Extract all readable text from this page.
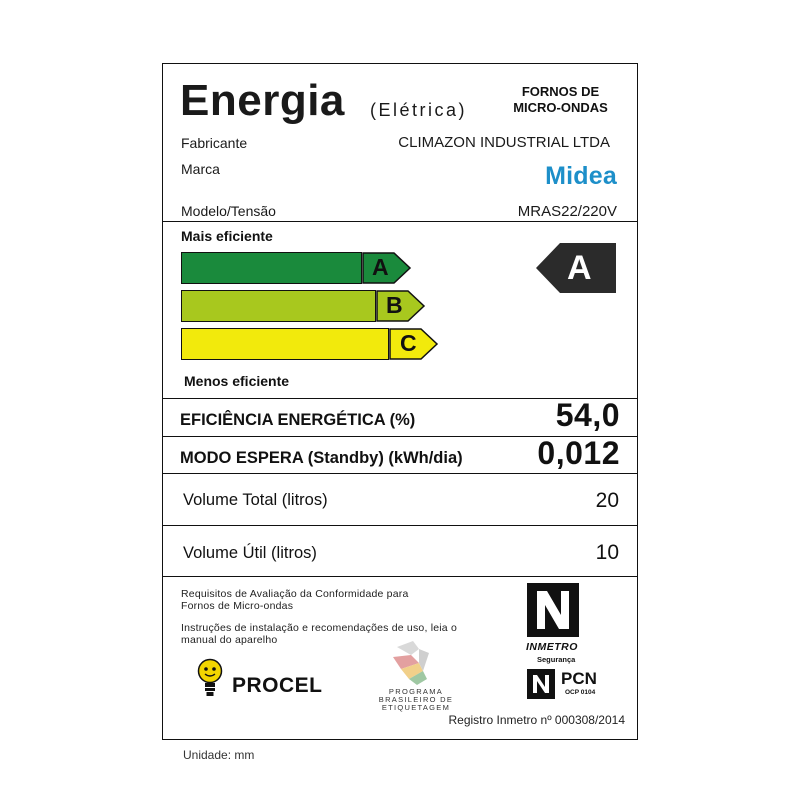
Energia (Elétrica)
FORNOS DE
MICRO-ONDAS
Fabricante	CLIMAZON INDUSTRIAL LTDA
Marca	Midea
Modelo/Tensão	MRAS22/220V
Mais eficiente
A
B
C
A
Menos eficiente
EFICIÊNCIA ENERGÉTICA (%)	54,0
MODO ESPERA (Standby) (kWh/dia) 0,012
Volume Total (litros)	20
Volume Útil (litros)	10
Requisitos de Avaliação da Conformidade para
Fornos de Micro-ondas
Instruções de instalação e recomendações de uso, leia o
manual do aparelho
PROCEL	PROGRAMA
BRASILEIRO DE
ETIQUETAGEM
INMETRO
Segurança
PCN
OCP 0104
Registro Inmetro nº 000308/2014
Unidade: mm
